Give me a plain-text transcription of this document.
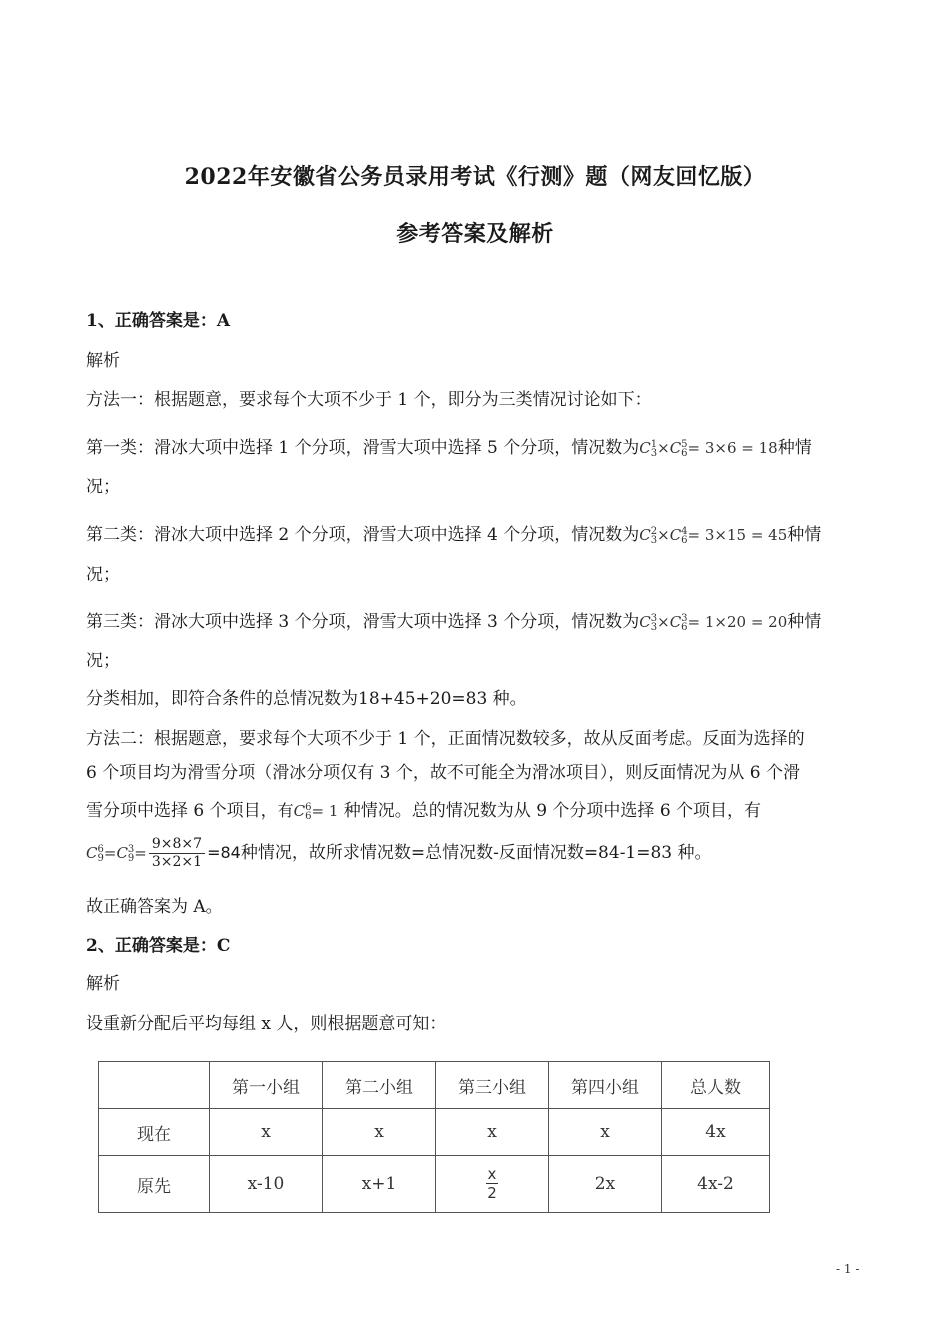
2022年安徽省公务员录用考试《行测》题（网友回忆版）
参考答案及解析
1、正确答案是：A
解析
方法一：根据题意，要求每个大项不少于 1 个，即分为三类情况讨论如下：
第一类：滑冰大项中选择 1 个分项，滑雪大项中选择 5 个分项，情况数为C1
3×C5
6= 3×6 = 18种情
况；
第二类：滑冰大项中选择 2 个分项，滑雪大项中选择 4 个分项，情况数为C2
3×C4
6= 3×15 = 45种情
况；
第三类：滑冰大项中选择 3 个分项，滑雪大项中选择 3 个分项，情况数为C3
3×C3
6= 1×20 = 20种情
况；
分类相加，即符合条件的总情况数为18+45+20=83 种。
方法二：根据题意，要求每个大项不少于 1 个，正面情况数较多，故从反面考虑。反面为选择的
6 个项目均为滑雪分项（滑冰分项仅有 3 个，故不可能全为滑冰项目），则反面情况为从 6 个滑
雪分项中选择 6 个项目，有C6
6= 1 种情况。总的情况数为从 9 个分项中选择 6 个项目，有
C6
9=C3
$9= \frac{9\times 8\times 7}{3\times 2\times 1} =84$种情况，故所求情况数=总情况数-反面情况数=84-1=83 种。
故正确答案为 A。
2、正确答案是：C
解析
设重新分配后平均每组 x 人，则根据题意可知：
	第一小组	第二小组	第三小组	第四小组	总人数
现在	x	x	x	x	4x
原先	x-10	x+1	$\frac{x}{2}$	2x	4x-2
- 1 -
